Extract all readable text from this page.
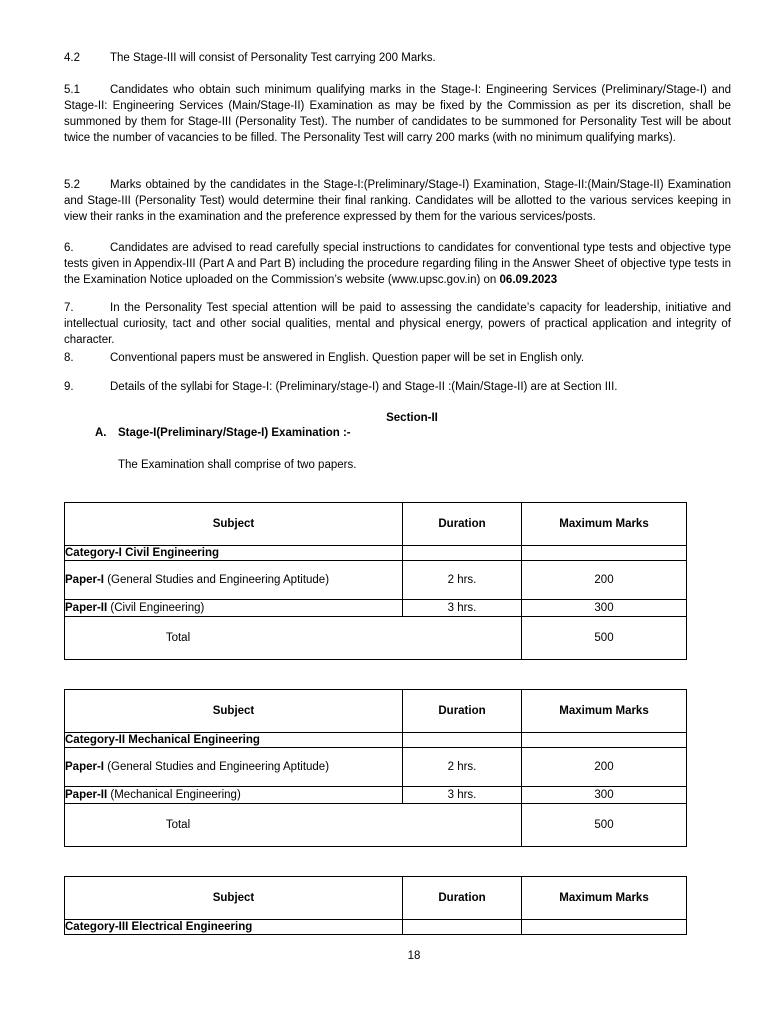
4.2	The Stage-III will consist of Personality Test carrying 200 Marks.

5.1	Candidates who obtain such minimum qualifying marks in the Stage-I: Engineering Services (Preliminary/Stage-I) and Stage-II: Engineering Services (Main/Stage-II) Examination as may be fixed by the Commission as per its discretion, shall be summoned by them for Stage-III (Personality Test). The number of candidates to be summoned for Personality Test will be about twice the number of vacancies to be filled. The Personality Test will carry 200 marks (with no minimum qualifying marks).

5.2	Marks obtained by the candidates in the Stage-I:(Preliminary/Stage-I) Examination, Stage-II:(Main/Stage-II) Examination and Stage-III (Personality Test) would determine their final ranking. Candidates will be allotted to the various services keeping in view their ranks in the examination and the preference expressed by them for the various services/posts.

6.	Candidates are advised to read carefully special instructions to candidates for conventional type tests and objective type tests given in Appendix-III (Part A and Part B) including the procedure regarding filing in the Answer Sheet of objective type tests in the Examination Notice uploaded on the Commission’s website (www.upsc.gov.in) on 06.09.2023

7.	In the Personality Test special attention will be paid to assessing the candidate’s capacity for leadership, initiative and intellectual curiosity, tact and other social qualities, mental and physical energy, powers of practical application and integrity of character.

8.	Conventional papers must be answered in English. Question paper will be set in English only.

9.	Details of the syllabi for Stage-I: (Preliminary/stage-I) and Stage-II :(Main/Stage-II) are at Section III.

Section-II
A. Stage-I(Preliminary/Stage-I) Examination :-
The Examination shall comprise of two papers.
Subject	Duration	Maximum Marks
Category-I Civil Engineering		
Paper-I (General Studies and Engineering Aptitude)	2 hrs.	200
Paper-II (Civil Engineering)	3 hrs.	300
Total		500
Subject	Duration	Maximum Marks
Category-II Mechanical Engineering		
Paper-I (General Studies and Engineering Aptitude)	2 hrs.	200
Paper-II (Mechanical Engineering)	3 hrs.	300
Total		500
Subject	Duration	Maximum Marks
Category-III Electrical Engineering		
18
